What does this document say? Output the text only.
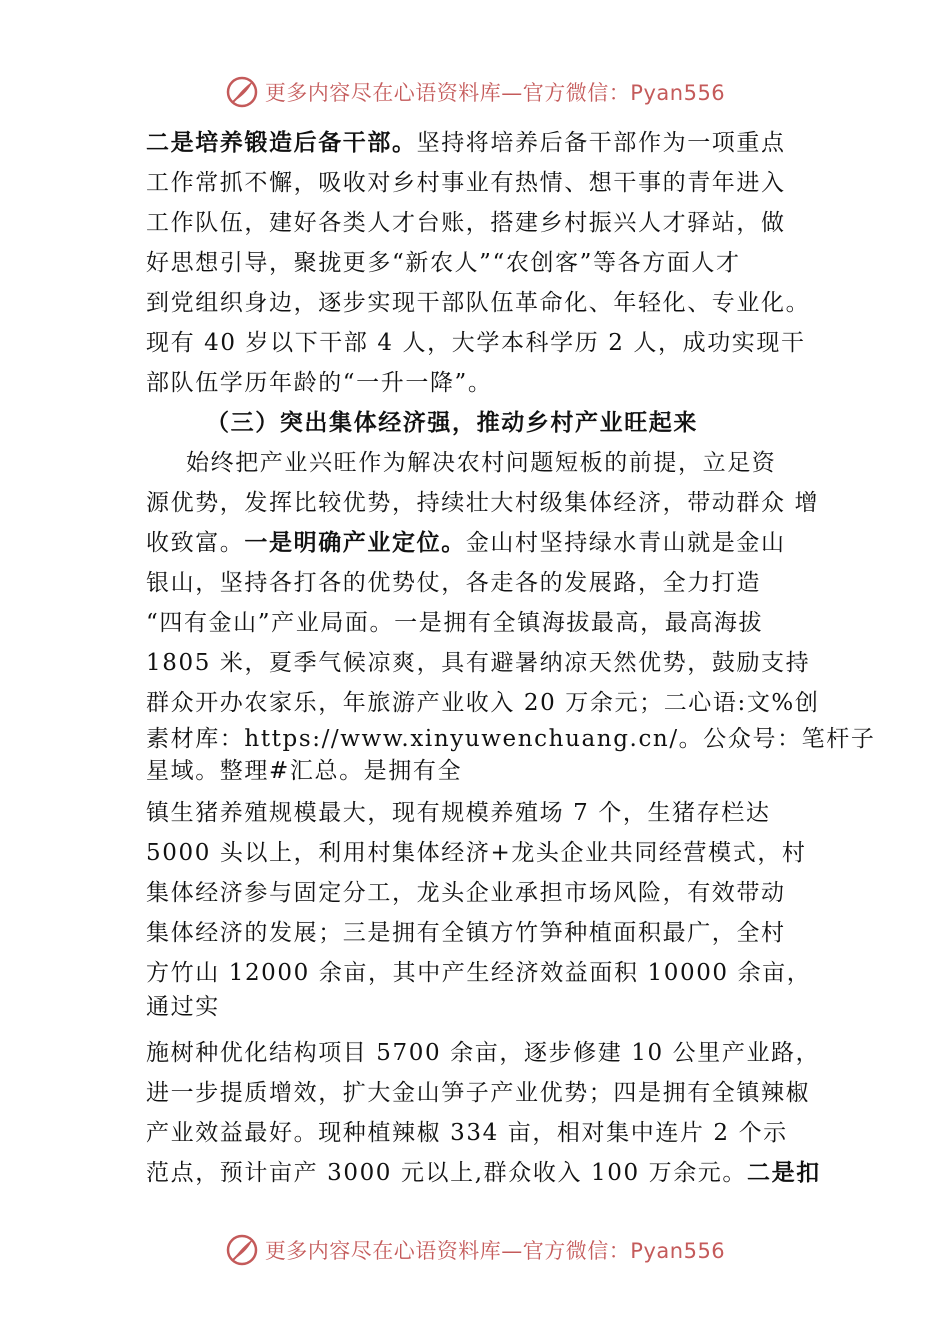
更多内容尽在心语资料库—官方微信：Pyan556
二是培养锻造后备干部。坚持将培养后备干部作为一项重点
工作常抓不懈，吸收对乡村事业有热情、想干事的青年进入
工作队伍，建好各类人才台账，搭建乡村振兴人才驿站，做
好思想引导，聚拢更多“新农人”“农创客”等各方面人才
到党组织身边，逐步实现干部队伍革命化、年轻化、专业化。
现有 40 岁以下干部 4 人，大学本科学历 2 人，成功实现干
部队伍学历年龄的“一升一降”。
（三）突出集体经济强，推动乡村产业旺起来
始终把产业兴旺作为解决农村问题短板的前提，立足资
源优势，发挥比较优势，持续壮大村级集体经济，带动群众 增
收致富。一是明确产业定位。金山村坚持绿水青山就是金山
银山，坚持各打各的优势仗，各走各的发展路，全力打造
“四有金山”产业局面。一是拥有全镇海拔最高，最高海拔
1805 米，夏季气候凉爽，具有避暑纳凉天然优势，鼓励支持
群众开办农家乐，年旅游产业收入 20 万余元；二心语:文%创
素材库：https://www.xinyuwenchuang.cn/。公众号：笔杆子
星域。整理#汇总。是拥有全
镇生猪养殖规模最大，现有规模养殖场 7 个，生猪存栏达
5000 头以上，利用村集体经济+龙头企业共同经营模式，村
集体经济参与固定分工，龙头企业承担市场风险，有效带动
集体经济的发展；三是拥有全镇方竹笋种植面积最广，全村
方竹山 12000 余亩，其中产生经济效益面积 10000 余亩，
通过实
施树种优化结构项目 5700 余亩，逐步修建 10 公里产业路，
进一步提质增效，扩大金山笋子产业优势；四是拥有全镇辣椒
产业效益最好。现种植辣椒 334 亩，相对集中连片 2 个示
范点，预计亩产 3000 元以上,群众收入 100 万余元。二是扣
更多内容尽在心语资料库—官方微信：Pyan556
